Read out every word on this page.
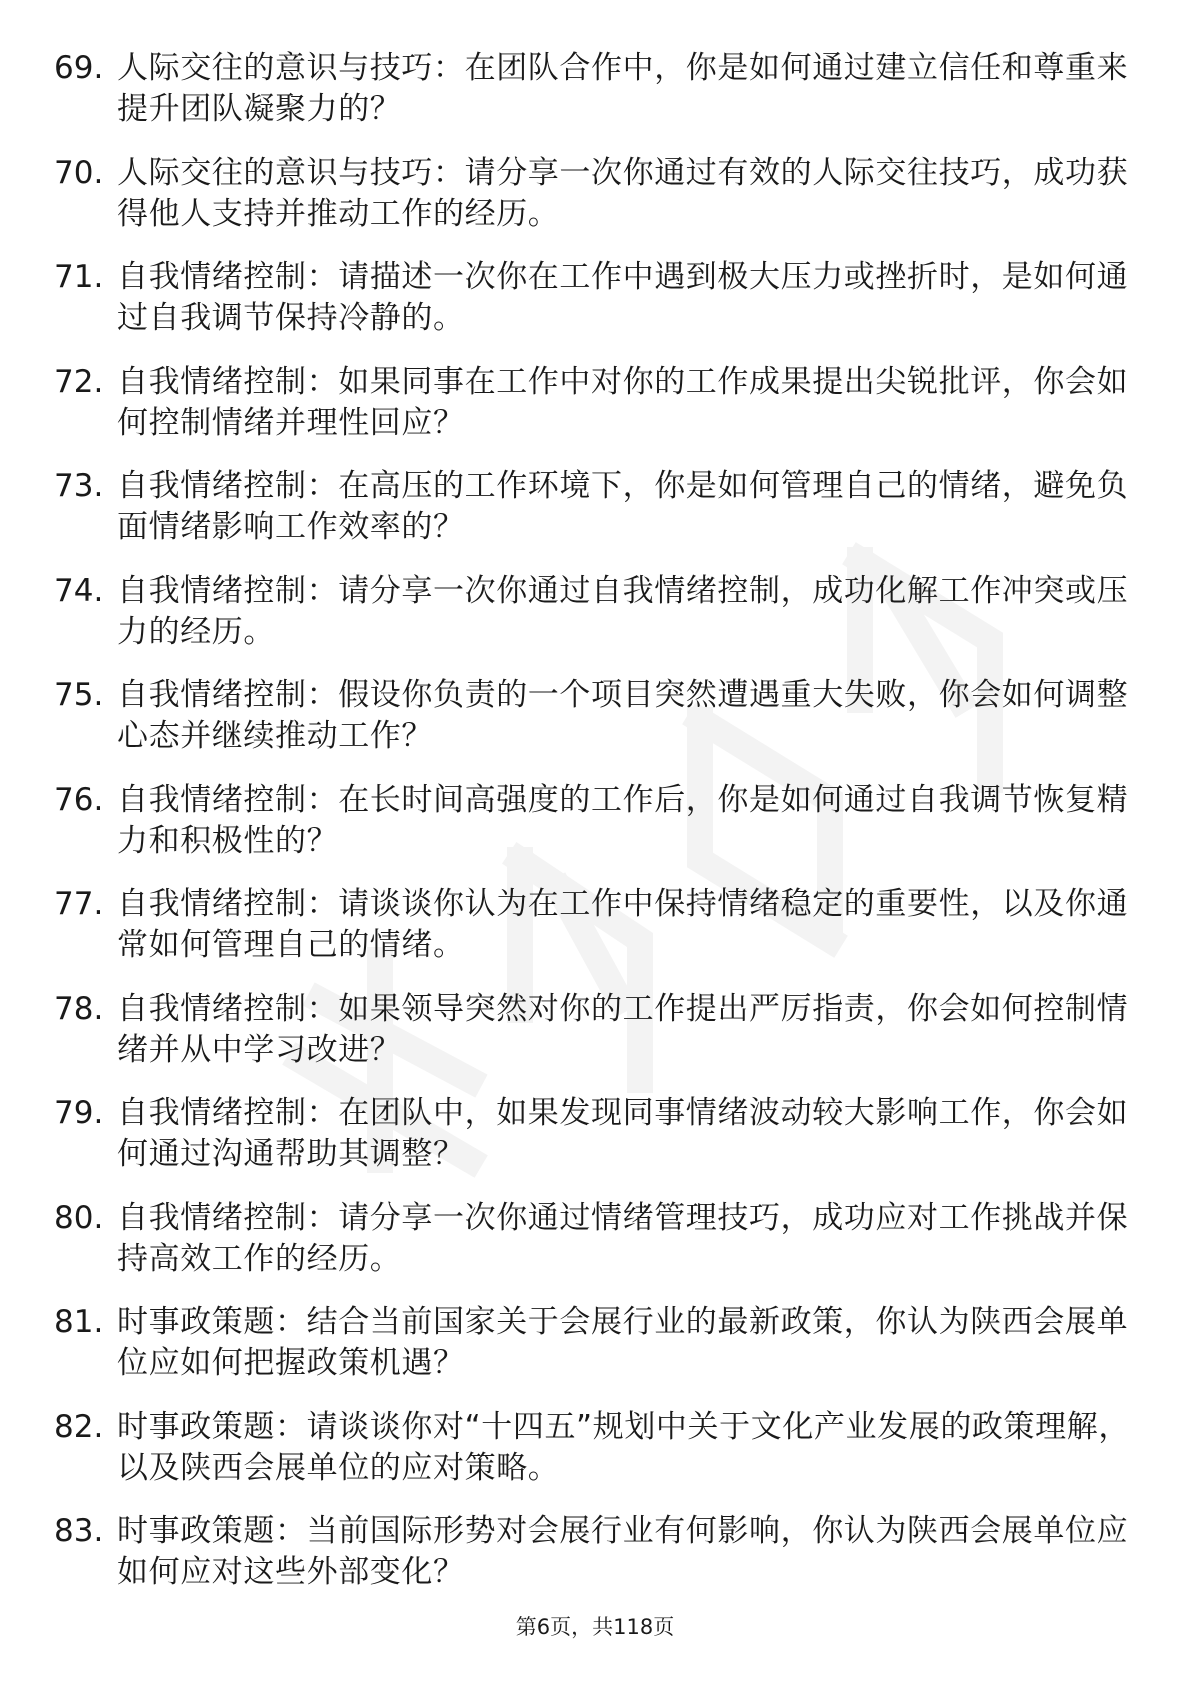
69. 人际交往的意识与技巧：在团队合作中，你是如何通过建立信任和尊重来提升团队凝聚力的？
70. 人际交往的意识与技巧：请分享一次你通过有效的人际交往技巧，成功获得他人支持并推动工作的经历。
71. 自我情绪控制：请描述一次你在工作中遇到极大压力或挫折时，是如何通过自我调节保持冷静的。
72. 自我情绪控制：如果同事在工作中对你的工作成果提出尖锐批评，你会如何控制情绪并理性回应？
73. 自我情绪控制：在高压的工作环境下，你是如何管理自己的情绪，避免负面情绪影响工作效率的？
74. 自我情绪控制：请分享一次你通过自我情绪控制，成功化解工作冲突或压力的经历。
75. 自我情绪控制：假设你负责的一个项目突然遭遇重大失败，你会如何调整心态并继续推动工作？
76. 自我情绪控制：在长时间高强度的工作后，你是如何通过自我调节恢复精力和积极性的？
77. 自我情绪控制：请谈谈你认为在工作中保持情绪稳定的重要性，以及你通常如何管理自己的情绪。
78. 自我情绪控制：如果领导突然对你的工作提出严厉指责，你会如何控制情绪并从中学习改进？
79. 自我情绪控制：在团队中，如果发现同事情绪波动较大影响工作，你会如何通过沟通帮助其调整？
80. 自我情绪控制：请分享一次你通过情绪管理技巧，成功应对工作挑战并保持高效工作的经历。
81. 时事政策题：结合当前国家关于会展行业的最新政策，你认为陕西会展单位应如何把握政策机遇？
82. 时事政策题：请谈谈你对“十四五”规划中关于文化产业发展的政策理解，以及陕西会展单位的应对策略。
83. 时事政策题：当前国际形势对会展行业有何影响，你认为陕西会展单位应如何应对这些外部变化？
第6页，共118页
